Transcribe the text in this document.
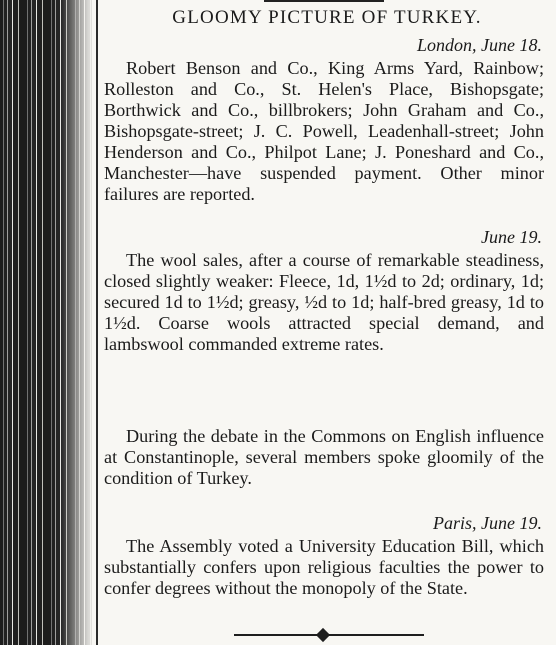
GLOOMY PICTURE OF TURKEY.
London, June 18.
Robert Benson and Co., King Arms Yard, Rainbow; Rolleston and Co., St. Helen's Place, Bishopsgate; Borthwick and Co., billbrokers; John Graham and Co., Bishopsgate-street; J. C. Powell, Leadenhall-street; John Henderson and Co., Philpot Lane; J. Poneshard and Co., Manchester—have suspended payment. Other minor failures are reported.
June 19.
The wool sales, after a course of remarkable steadiness, closed slightly weaker: Fleece, 1d, 1½d to 2d; ordinary, 1d; secured 1d to 1½d; greasy, ½d to 1d; half-bred greasy, 1d to 1½d. Coarse wools attracted special demand, and lambswool commanded extreme rates.
During the debate in the Commons on English influence at Constantinople, several members spoke gloomily of the condition of Turkey.
Paris, June 19.
The Assembly voted a University Education Bill, which substantially confers upon religious faculties the power to confer degrees without the monopoly of the State.
